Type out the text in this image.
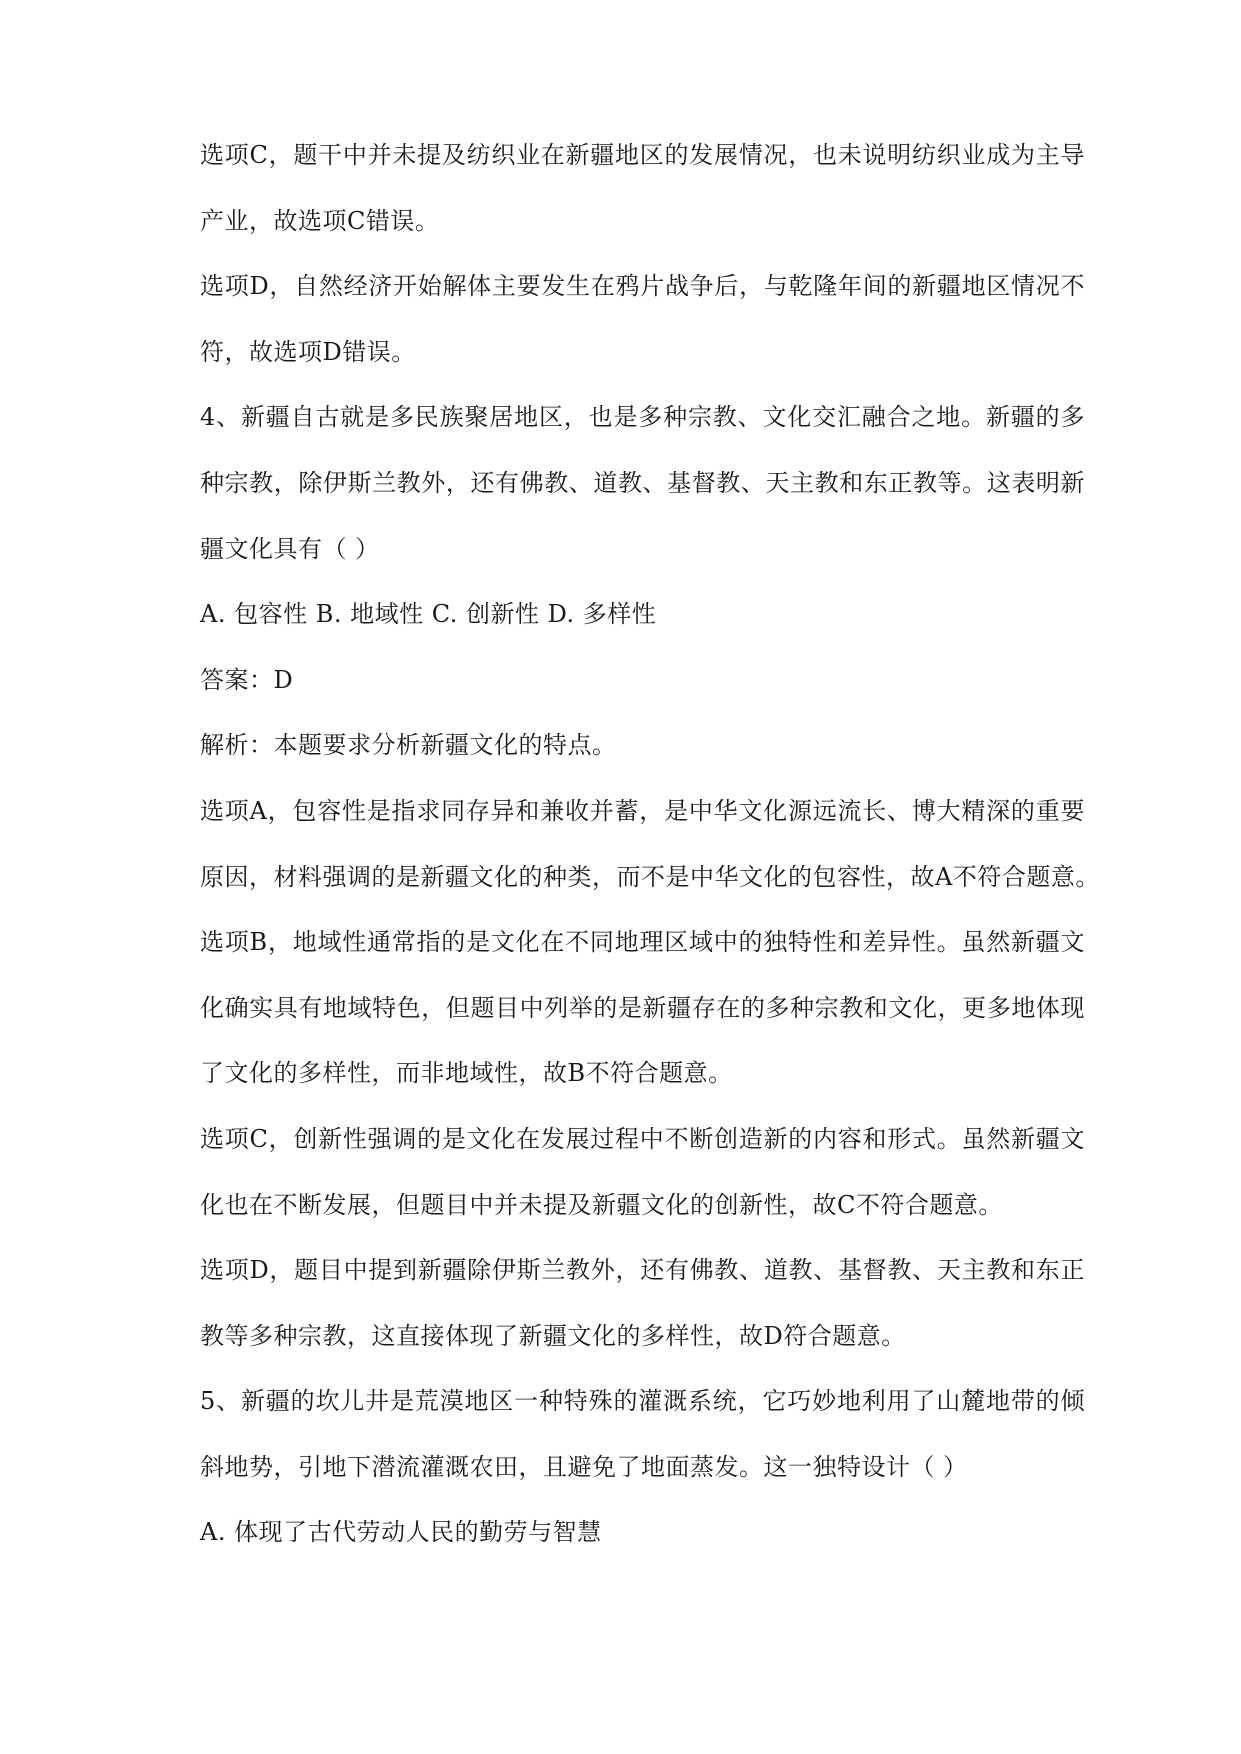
选项C，题干中并未提及纺织业在新疆地区的发展情况，也未说明纺织业成为主导
产业，故选项C错误。
选项D，自然经济开始解体主要发生在鸦片战争后，与乾隆年间的新疆地区情况不
符，故选项D错误。
4、新疆自古就是多民族聚居地区，也是多种宗教、文化交汇融合之地。新疆的多
种宗教，除伊斯兰教外，还有佛教、道教、基督教、天主教和东正教等。这表明新
疆文化具有（ ）
A. 包容性 B. 地域性 C. 创新性 D. 多样性
答案：D
解析：本题要求分析新疆文化的特点。
选项A，包容性是指求同存异和兼收并蓄，是中华文化源远流长、博大精深的重要
原因，材料强调的是新疆文化的种类，而不是中华文化的包容性，故A不符合题意。
选项B，地域性通常指的是文化在不同地理区域中的独特性和差异性。虽然新疆文
化确实具有地域特色，但题目中列举的是新疆存在的多种宗教和文化，更多地体现
了文化的多样性，而非地域性，故B不符合题意。
选项C，创新性强调的是文化在发展过程中不断创造新的内容和形式。虽然新疆文
化也在不断发展，但题目中并未提及新疆文化的创新性，故C不符合题意。
选项D，题目中提到新疆除伊斯兰教外，还有佛教、道教、基督教、天主教和东正
教等多种宗教，这直接体现了新疆文化的多样性，故D符合题意。
5、新疆的坎儿井是荒漠地区一种特殊的灌溉系统，它巧妙地利用了山麓地带的倾
斜地势，引地下潜流灌溉农田，且避免了地面蒸发。这一独特设计（ ）
A. 体现了古代劳动人民的勤劳与智慧
